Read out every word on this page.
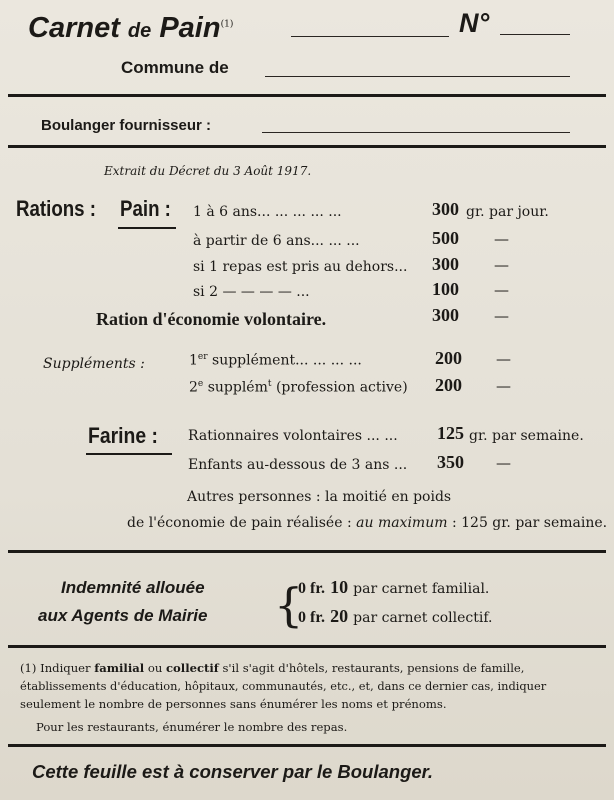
Carnet de Pain$^{(1)}$	N°
Commune de
Boulanger fournisseur :
Extrait du Décret du 3 Août 1917.
Rations : Pain : 1 à 6 ans... ... ... ... ...	300 gr. par jour.
à partir de 6 ans... ... ...	500 —
si 1 repas est pris au dehors... 300 —
si 2 — — — — ...	100 —
Ration d'économie volontaire.	300 —
Suppléments :	1er supplément... ... ... ...	200 —
2e supplém$^t$ (profession active) 200 —
Farine : Rationnaires volontaires ... ... 125 gr. par semaine.
Enfants au-dessous de 3 ans ... 350 —
Autres personnes : la moitié en poids
de l'économie de pain réalisée : au maximum : 125 gr. par semaine.
Indemnité allouée
aux Agents de Mairie {
0 fr. 10 par carnet familial.
0 fr. 20 par carnet collectif.
(1) Indiquer familial ou collectif s'il s'agit d'hôtels, restaurants, pensions de famille,
établissements d'éducation, hôpitaux, communautés, etc., et, dans ce dernier cas, indiquer
seulement le nombre de personnes sans énumérer les noms et prénoms.
Pour les restaurants, énumérer le nombre des repas.
Cette feuille est à conserver par le Boulanger.
